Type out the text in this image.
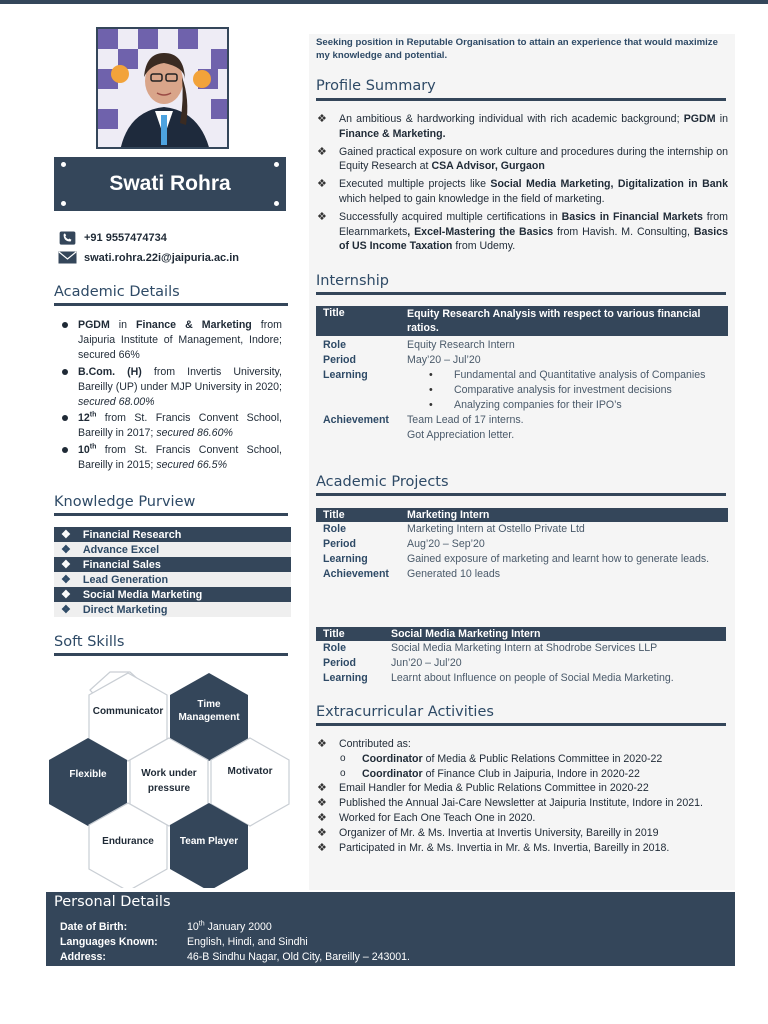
Swati Rohra
+91 9557474734
swati.rohra.22i@jaipuria.ac.in
Academic Details
PGDM in Finance & Marketing from Jaipuria Institute of Management, Indore; secured 66%
B.Com. (H) from Invertis University, Bareilly (UP) under MJP University in 2020; secured 68.00%
12th from St. Francis Convent School, Bareilly in 2017; secured 86.60%
10th from St. Francis Convent School, Bareilly in 2015; secured 66.5%
Knowledge Purview
❖ Financial Research
❖ Advance Excel
❖ Financial Sales
❖ Lead Generation
❖ Social Media Marketing
❖ Direct Marketing
Soft Skills
Communicator
Time Management
Flexible	Work under pressure
Motivator
Endurance	Team Player
Seeking position in Reputable Organisation to attain an experience that would maximize my knowledge and potential.
Profile Summary
❖ An ambitious & hardworking individual with rich academic background; PGDM in Finance & Marketing.
❖ Gained practical exposure on work culture and procedures during the internship on Equity Research at CSA Advisor, Gurgaon
❖ Executed multiple projects like Social Media Marketing, Digitalization in Bank which helped to gain knowledge in the field of marketing.
❖ Successfully acquired multiple certifications in Basics in Financial Markets from Elearnmarkets, Excel-Mastering the Basics from Havish. M. Consulting, Basics of US Income Taxation from Udemy.
Internship
Title	Equity Research Analysis with respect to various financial ratios.
Role	Equity Research Intern
Period	May’20 – Jul’20
Learning
•	Fundamental and Quantitative analysis of Companies
• Comparative analysis for investment decisions
• Analyzing companies for their IPO’s
Achievement	Team Lead of 17 interns.
Got Appreciation letter.
Academic Projects
Title	Marketing Intern
Role	Marketing Intern at Ostello Private Ltd
Period	Aug’20 – Sep’20
Learning	Gained exposure of marketing and learnt how to generate leads.
Achievement	Generated 10 leads
Title	Social Media Marketing Intern
Role	Social Media Marketing Intern at Shodrobe Services LLP
Period	Jun’20 – Jul’20
Learning	Learnt about Influence on people of Social Media Marketing.
Extracurricular Activities
❖ Contributed as:
o Coordinator of Media & Public Relations Committee in 2020-22
o Coordinator of Finance Club in Jaipuria, Indore in 2020-22
❖ Email Handler for Media & Public Relations Committee in 2020-22
❖ Published the Annual Jai-Care Newsletter at Jaipuria Institute, Indore in 2021.
❖ Worked for Each One Teach One in 2020.
❖ Organizer of Mr. & Ms. Invertia at Invertis University, Bareilly in 2019
❖ Participated in Mr. & Ms. Invertia in Mr. & Ms. Invertia, Bareilly in 2018.
Personal Details
Date of Birth:	10th January 2000
Languages Known:	English, Hindi, and Sindhi
Address:	46-B Sindhu Nagar, Old City, Bareilly – 243001.
